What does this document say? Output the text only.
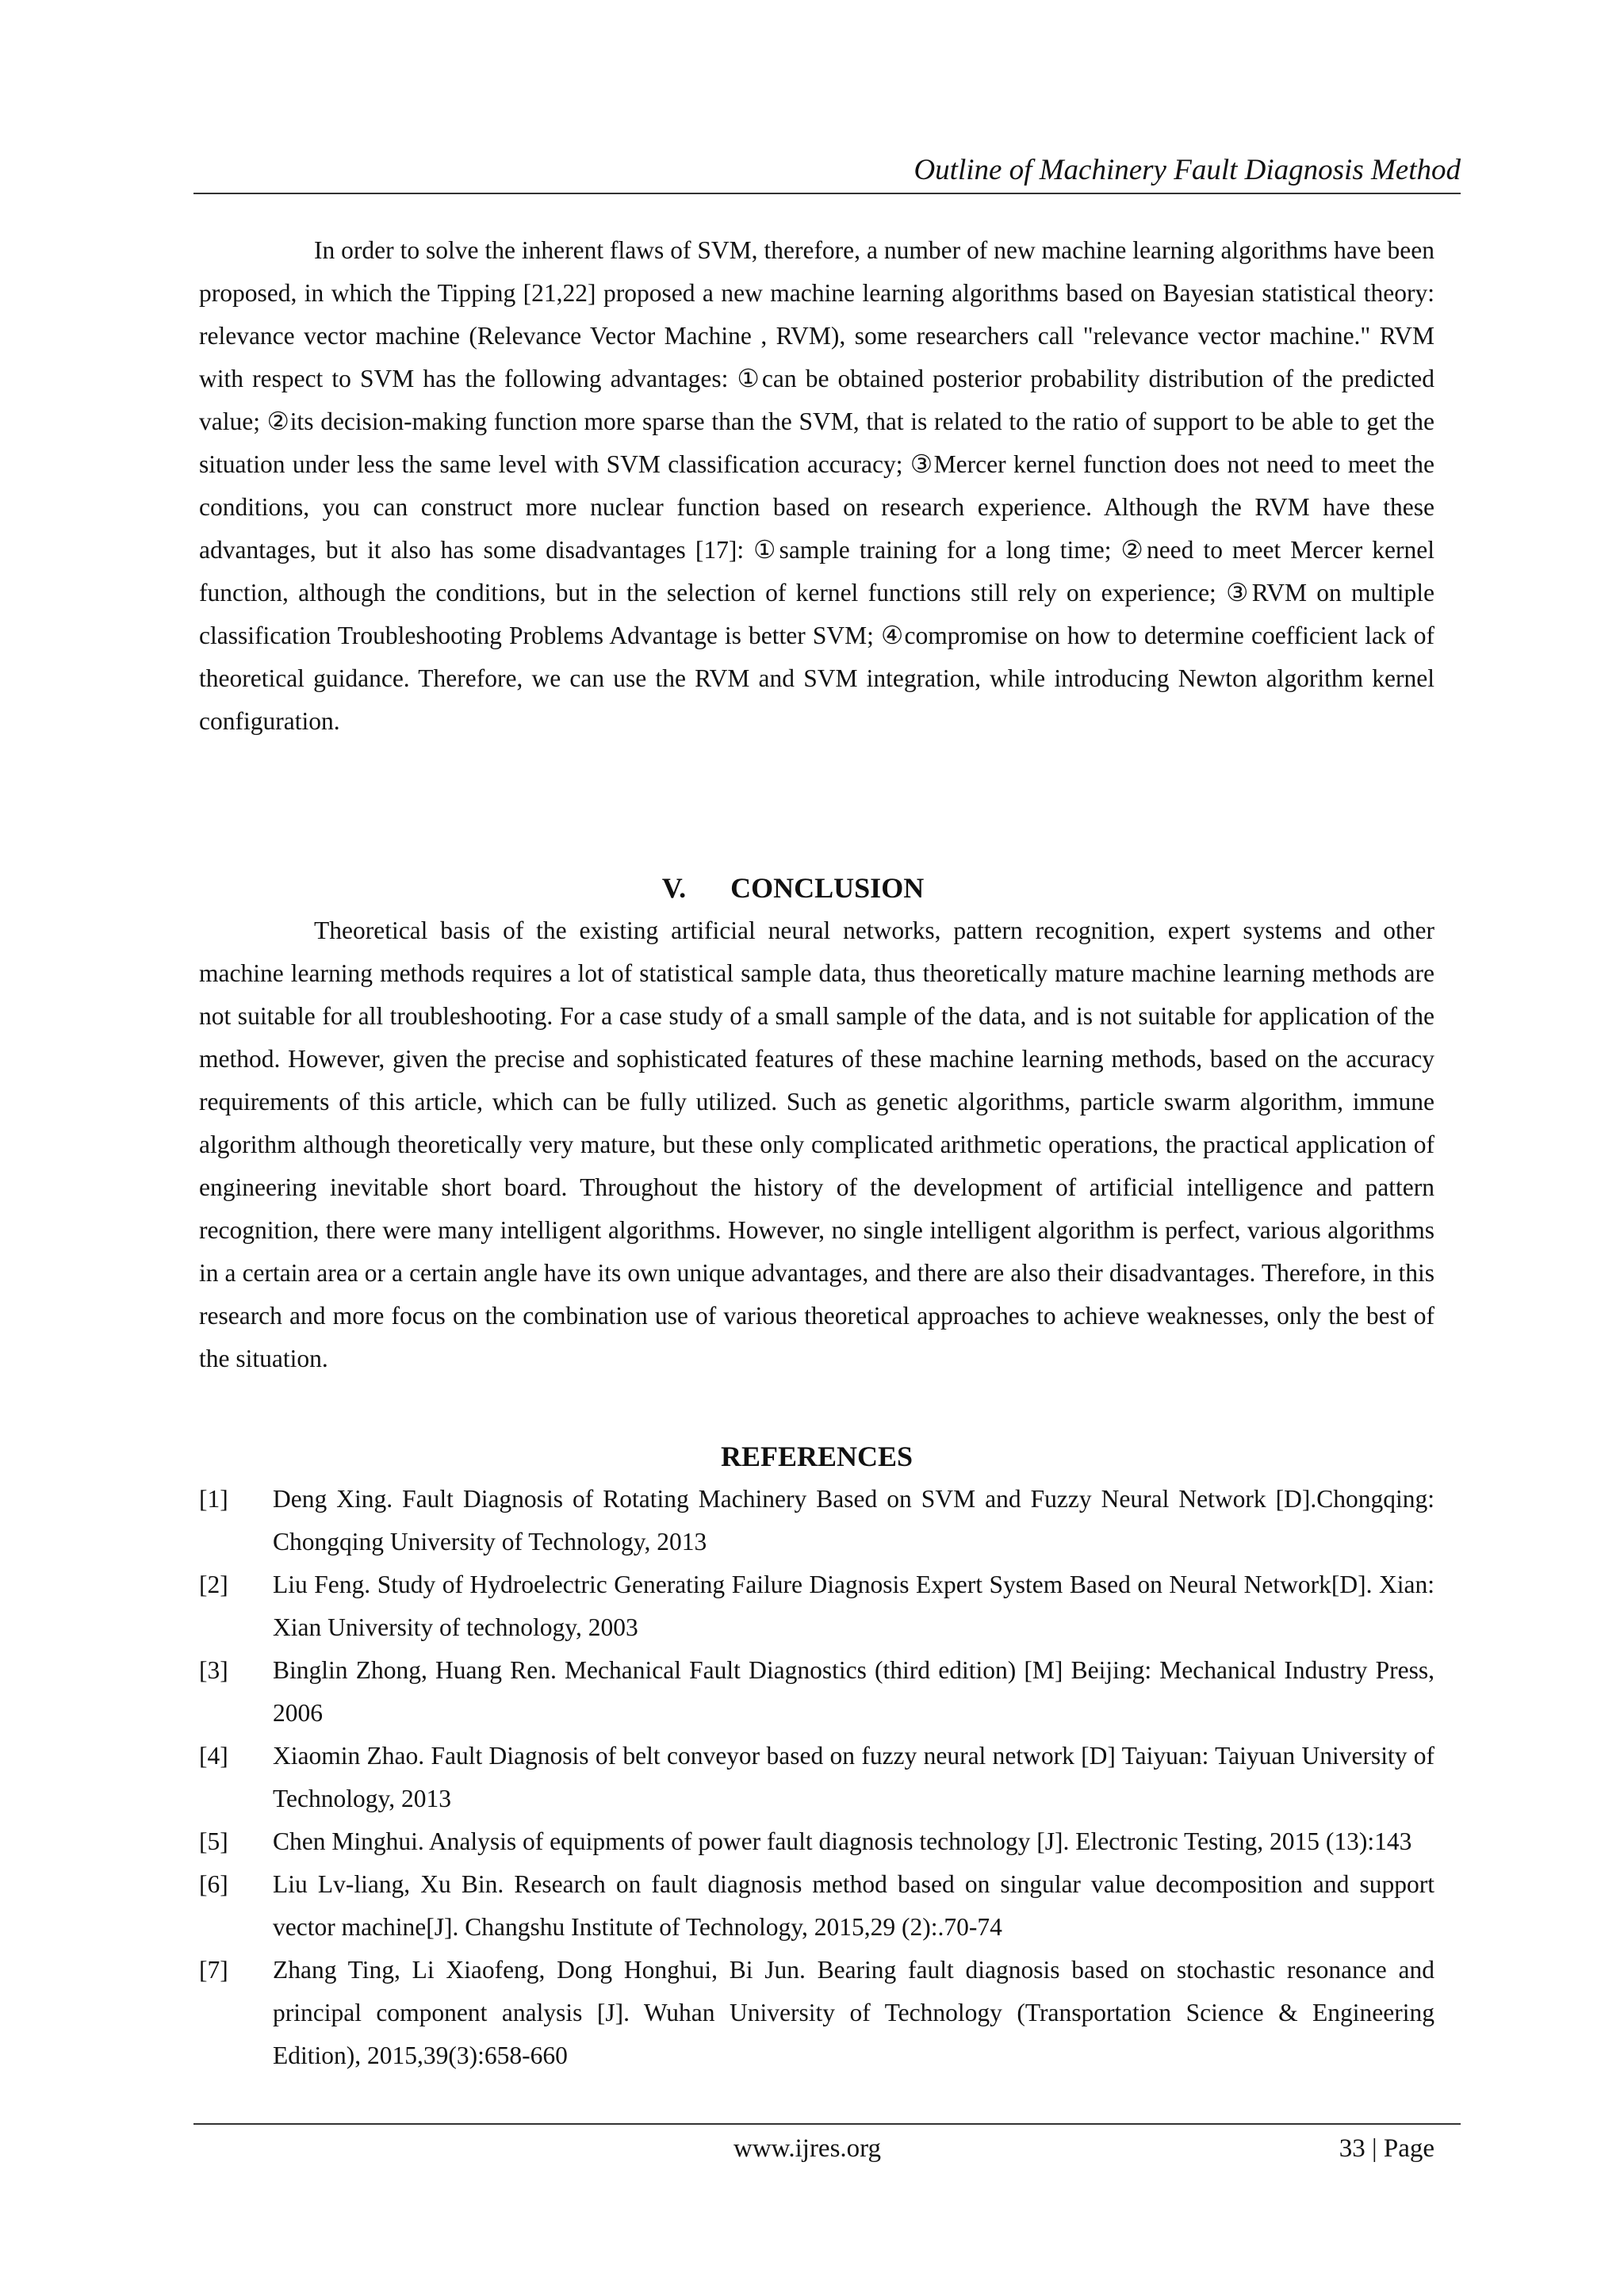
Outline of Machinery Fault Diagnosis Method

In order to solve the inherent flaws of SVM, therefore, a number of new machine learning algorithms have been proposed, in which the Tipping [21,22] proposed a new machine learning algorithms based on Bayesian statistical theory: relevance vector machine (Relevance Vector Machine , RVM), some researchers call "relevance vector machine." RVM with respect to SVM has the following advantages: ①can be obtained posterior probability distribution of the predicted value; ②its decision-making function more sparse than the SVM, that is related to the ratio of support to be able to get the situation under less the same level with SVM classification accuracy; ③Mercer kernel function does not need to meet the conditions, you can construct more nuclear function based on research experience. Although the RVM have these advantages, but it also has some disadvantages [17]: ①sample training for a long time; ②need to meet Mercer kernel function, although the conditions, but in the selection of kernel functions still rely on experience; ③RVM on multiple classification Troubleshooting Problems Advantage is better SVM; ④compromise on how to determine coefficient lack of theoretical guidance. Therefore, we can use the RVM and SVM integration, while introducing Newton algorithm kernel configuration.

V. CONCLUSION

Theoretical basis of the existing artificial neural networks, pattern recognition, expert systems and other machine learning methods requires a lot of statistical sample data, thus theoretically mature machine learning methods are not suitable for all troubleshooting. For a case study of a small sample of the data, and is not suitable for application of the method. However, given the precise and sophisticated features of these machine learning methods, based on the accuracy requirements of this article, which can be fully utilized. Such as genetic algorithms, particle swarm algorithm, immune algorithm although theoretically very mature, but these only complicated arithmetic operations, the practical application of engineering inevitable short board. Throughout the history of the development of artificial intelligence and pattern recognition, there were many intelligent algorithms. However, no single intelligent algorithm is perfect, various algorithms in a certain area or a certain angle have its own unique advantages, and there are also their disadvantages. Therefore, in this research and more focus on the combination use of various theoretical approaches to achieve weaknesses, only the best of the situation.

REFERENCES
[1] Deng Xing. Fault Diagnosis of Rotating Machinery Based on SVM and Fuzzy Neural Network [D].Chongqing: Chongqing University of Technology, 2013
[2] Liu Feng. Study of Hydroelectric Generating Failure Diagnosis Expert System Based on Neural Network[D]. Xian: Xian University of technology, 2003
[3] Binglin Zhong, Huang Ren. Mechanical Fault Diagnostics (third edition) [M] Beijing: Mechanical Industry Press, 2006
[4] Xiaomin Zhao. Fault Diagnosis of belt conveyor based on fuzzy neural network [D] Taiyuan: Taiyuan University of Technology, 2013
[5] Chen Minghui. Analysis of equipments of power fault diagnosis technology [J]. Electronic Testing, 2015 (13):143
[6] Liu Lv-liang, Xu Bin. Research on fault diagnosis method based on singular value decomposition and support vector machine[J]. Changshu Institute of Technology, 2015,29 (2):.70-74
[7] Zhang Ting, Li Xiaofeng, Dong Honghui, Bi Jun. Bearing fault diagnosis based on stochastic resonance and principal component analysis [J]. Wuhan University of Technology (Transportation Science & Engineering Edition), 2015,39(3):658-660
www.ijres.org	33 | Page
